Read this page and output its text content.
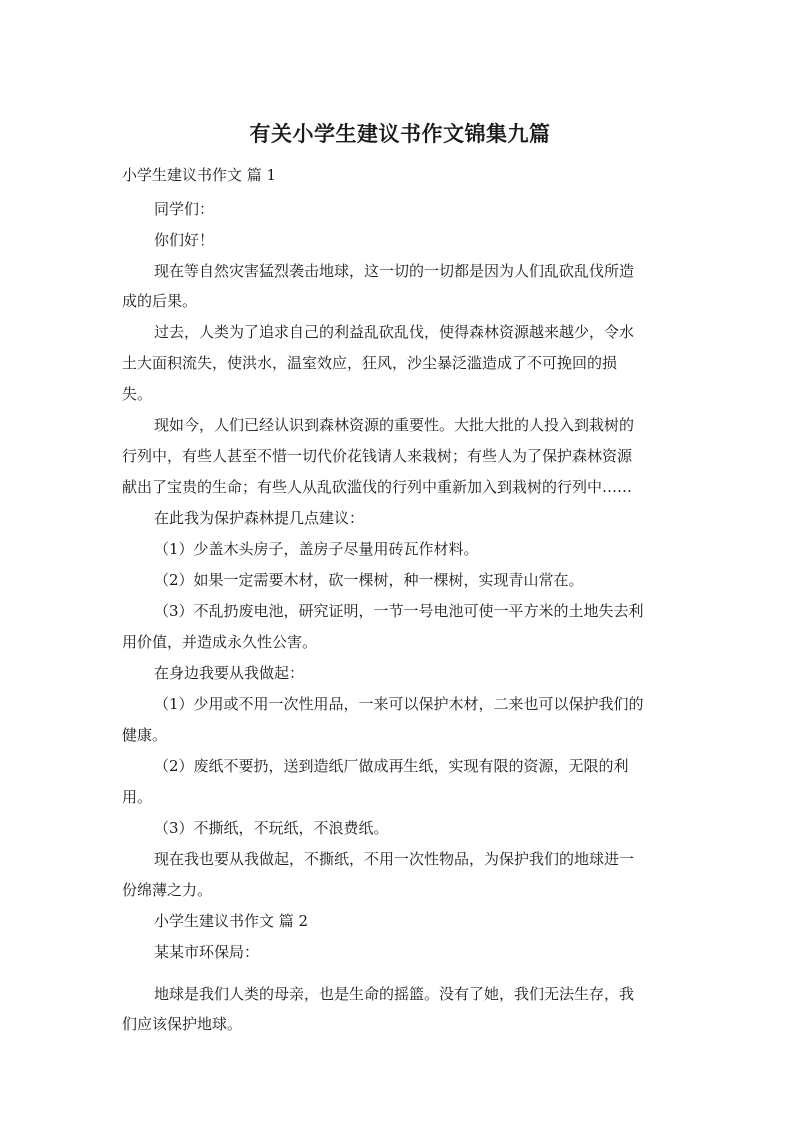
有关小学生建议书作文锦集九篇
小学生建议书作文 篇 1
同学们：
你们好！
现在等自然灾害猛烈袭击地球，这一切的一切都是因为人们乱砍乱伐所造
成的后果。
过去，人类为了追求自己的利益乱砍乱伐，使得森林资源越来越少，令水
土大面积流失，使洪水，温室效应，狂风，沙尘暴泛滥造成了不可挽回的损
失。
现如今，人们已经认识到森林资源的重要性。大批大批的人投入到栽树的
行列中，有些人甚至不惜一切代价花钱请人来栽树；有些人为了保护森林资源
献出了宝贵的生命；有些人从乱砍滥伐的行列中重新加入到栽树的行列中……
在此我为保护森林提几点建议：
（1）少盖木头房子，盖房子尽量用砖瓦作材料。
（2）如果一定需要木材，砍一棵树，种一棵树，实现青山常在。
（3）不乱扔废电池，研究证明，一节一号电池可使一平方米的土地失去利
用价值，并造成永久性公害。
在身边我要从我做起：
（1）少用或不用一次性用品，一来可以保护木材，二来也可以保护我们的
健康。
（2）废纸不要扔，送到造纸厂做成再生纸，实现有限的资源，无限的利
用。
（3）不撕纸，不玩纸，不浪费纸。
现在我也要从我做起，不撕纸，不用一次性物品，为保护我们的地球进一
份绵薄之力。
小学生建议书作文 篇 2
某某市环保局：
地球是我们人类的母亲，也是生命的摇篮。没有了她，我们无法生存，我
们应该保护地球。
